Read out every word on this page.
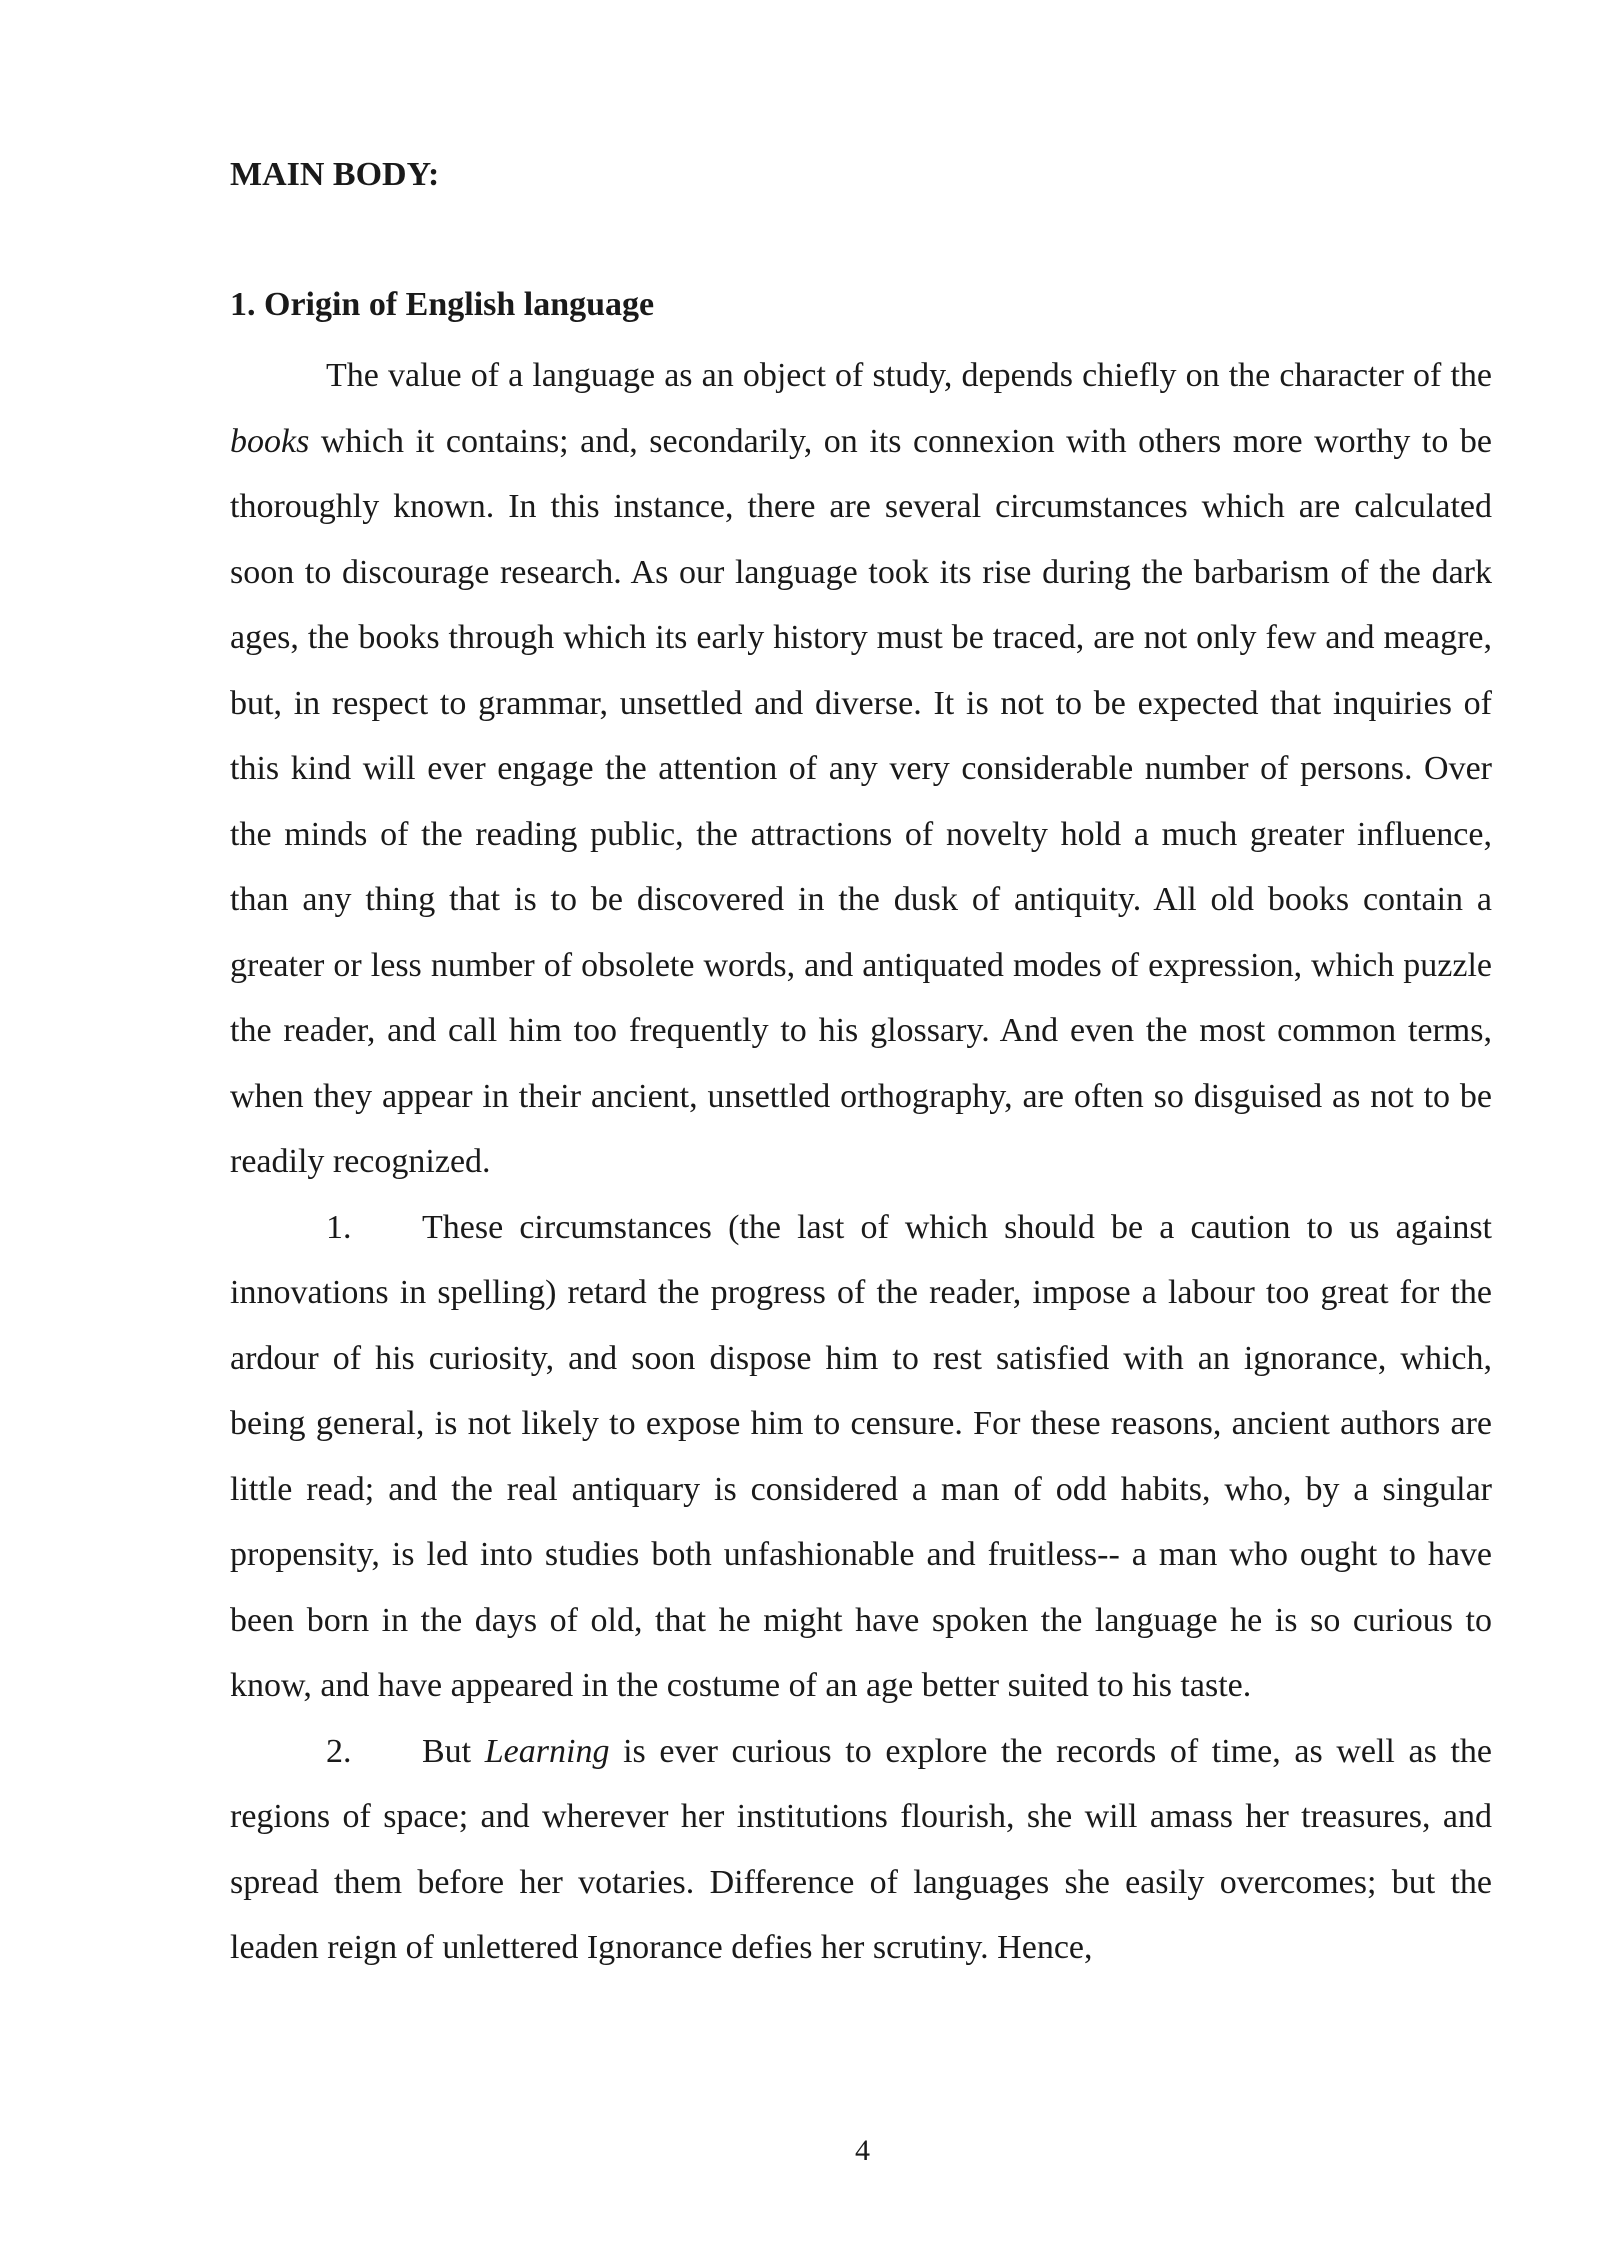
MAIN BODY:

1. Origin of English language

The value of a language as an object of study, depends chiefly on the character of the books which it contains; and, secondarily, on its connexion with others more worthy to be thoroughly known. In this instance, there are several circumstances which are calculated soon to discourage research. As our language took its rise during the barbarism of the dark ages, the books through which its early history must be traced, are not only few and meagre, but, in respect to grammar, unsettled and diverse. It is not to be expected that inquiries of this kind will ever engage the attention of any very considerable number of persons. Over the minds of the reading public, the attractions of novelty hold a much greater influence, than any thing that is to be discovered in the dusk of antiquity. All old books contain a greater or less number of obsolete words, and antiquated modes of expression, which puzzle the reader, and call him too frequently to his glossary. And even the most common terms, when they appear in their ancient, unsettled orthography, are often so disguised as not to be readily recognized.

1. These circumstances (the last of which should be a caution to us against innovations in spelling) retard the progress of the reader, impose a labour too great for the ardour of his curiosity, and soon dispose him to rest satisfied with an ignorance, which, being general, is not likely to expose him to censure. For these reasons, ancient authors are little read; and the real antiquary is considered a man of odd habits, who, by a singular propensity, is led into studies both unfashionable and fruitless-- a man who ought to have been born in the days of old, that he might have spoken the language he is so curious to know, and have appeared in the costume of an age better suited to his taste.

2. But Learning is ever curious to explore the records of time, as well as the regions of space; and wherever her institutions flourish, she will amass her treasures, and spread them before her votaries. Difference of languages she easily overcomes; but the leaden reign of unlettered Ignorance defies her scrutiny. Hence,

4
